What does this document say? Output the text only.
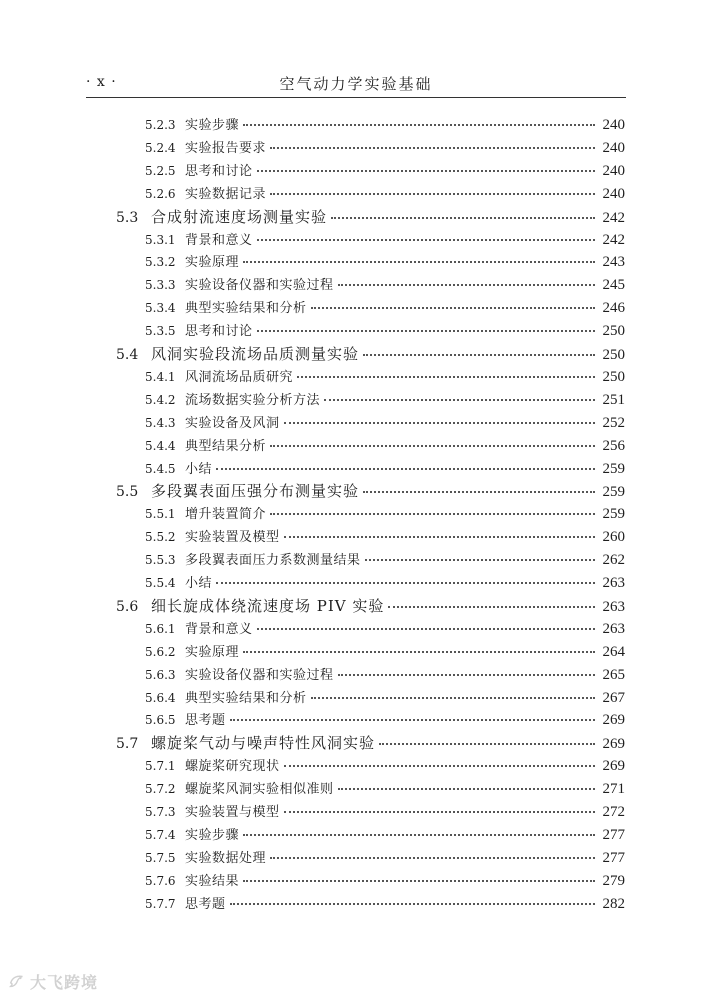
· x ·	空气动力学实验基础
5.2.3 实验步骤	240
5.2.4 实验报告要求	240
5.2.5 思考和讨论	240
5.2.6 实验数据记录	240
5.3 合成射流速度场测量实验	242
5.3.1 背景和意义	242
5.3.2 实验原理	243
5.3.3 实验设备仪器和实验过程	245
5.3.4 典型实验结果和分析	246
5.3.5 思考和讨论	250
5.4 风洞实验段流场品质测量实验	250
5.4.1 风洞流场品质研究	250
5.4.2 流场数据实验分析方法	251
5.4.3 实验设备及风洞	252
5.4.4 典型结果分析	256
5.4.5 小结	259
5.5 多段翼表面压强分布测量实验	259
5.5.1 增升装置简介	259
5.5.2 实验装置及模型	260
5.5.3 多段翼表面压力系数测量结果	262
5.5.4 小结	263
5.6 细长旋成体绕流速度场 PIV 实验	263
5.6.1 背景和意义	263
5.6.2 实验原理	264
5.6.3 实验设备仪器和实验过程	265
5.6.4 典型实验结果和分析	267
5.6.5 思考题	269
5.7 螺旋桨气动与噪声特性风洞实验	269
5.7.1 螺旋桨研究现状	269
5.7.2 螺旋桨风洞实验相似准则	271
5.7.3 实验装置与模型	272
5.7.4 实验步骤	277
5.7.5 实验数据处理	277
5.7.6 实验结果	279
5.7.7 思考题	282
大飞跨境
